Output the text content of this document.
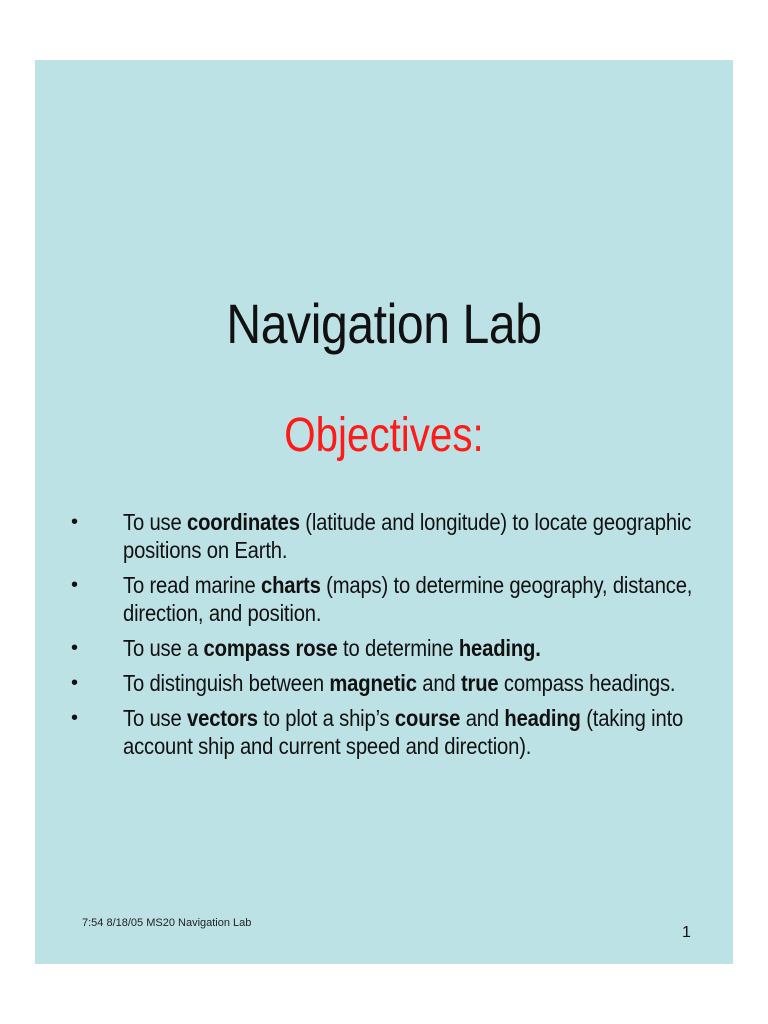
Navigation Lab
Objectives:
•	To use coordinates (latitude and longitude) to locate geographic positions on Earth.
•	To read marine charts (maps) to determine geography, distance, direction, and position.
•	To use a compass rose to determine heading.
•	To distinguish between magnetic and true compass headings.
•	To use vectors to plot a ship’s course and heading (taking into account ship and current speed and direction).
7:54 8/18/05 MS20 Navigation Lab
1
